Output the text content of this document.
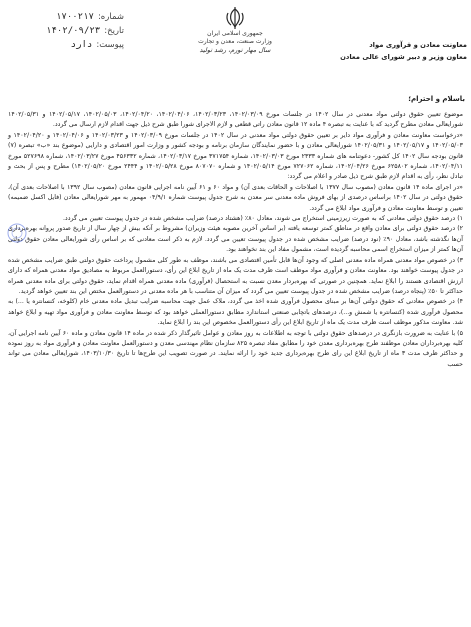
شماره:
۱۷۰۰۲۱۷
تاریخ:
۱۴۰۲/۰۹/۲۳
پیوست:
دارد
جمهوری اسلامی ایران
وزارت صنعت، معدن و تجارت
سال مهار تورم، رشد تولید
معاونت معادن و فرآوری مواد
معاون وزیر و دبیر شورای عالی معادن
باسلام و احترام؛

موضوع تعیین حقوق دولتی مواد معدنی در سال ۱۴۰۲ در جلسات مورخ ۱۴۰۲/۰۳/۰۹، ۱۴۰۲/۰۳/۲۳، ۱۴۰۲/۰۴/۰۶، ۱۴۰۲/۰۴/۲۰، ۱۴۰۲/۰۵/۰۳، ۱۴۰۲/۰۵/۱۷ و ۱۴۰۲/۰۵/۳۱ شورایعالی معادن مطرح گردید که با عنایت به تبصره ۴ ماده ۱۲ قانون معادن راتی قطعی و لازم الاجرای شورا طبق شرح ذیل جهت اقدام لازم ارسال می گردد.

«درخواست معاونت معادن و فرآوری مواد دایر بر تعیین حقوق دولتی مواد معدنی در سال ۱۴۰۲ در جلسات مورخ ۱۴۰۲/۰۳/۰۹ و ۱۴۰۲/۰۳/۲۳ و ۱۴۰۲/۰۴/۰۶ و ۱۴۰۲/۰۴/۲۰ و ۱۴۰۲/۰۵/۰۳ و ۱۴۰۲/۰۵/۱۷ و ۱۴۰۲/۰۵/۳۱ شورایعالی معادن و با حضور نمایندگان سازمان برنامه و بودجه کشور و وزارت امور اقتصادی و دارایی (موضوع بند «ب» تبصره (۷) قانون بودجه سال ۱۴۰۲ کل کشور- دعوتنامه های شماره ۲۳۳۳ مورخ ۱۴۰۲/۰۳/۰۳، شماره ۳۷۱۷۵۴ مورخ ۱۴۰۲/۰۳/۱۷، شماره ۴۵۶۳۳۲ مورخ ۱۴۰۲/۰۳/۲۷، شماره ۵۲۷۶۹۸ مورخ ۱۴۰۲/۰۴/۱۱، شماره ۶۲۵۸۰۲ مورخ ۱۴۰۲/۰۴/۲۶، شماره ۷۲۷۰۶۲ مورخ ۱۴۰۲/۰۵/۱۴ و شماره ۸۰۷۰۷۰ مورخ ۱۴۰۲/۰۵/۲۸ و ۲۴۴۴ مورخ ۱۴۰۲/۰۵/۲۰) مطرح و پس از بحث و تبادل نظر، رأی به اقدام لازم طبق شرح ذیل صادر و اعلام می گردد:

«در اجرای ماده ۱۴ قانون معادن (مصوب سال ۱۳۷۷ با اصلاحات و الحاقات بعدی آن) و مواد ۶۰ و ۶۱ آیین نامه اجرایی قانون معادن (مصوب سال ۱۳۹۲ با اصلاحات بعدی آن)، حقوق دولتی در سال ۱۴۰۲ براساس درصدی از بهای فروش ماده معدنی سر معدن به شرح جدول پیوست شماره ۰۴/۹/۱ مهمور به مهر شورایعالی معادن (فایل اکسل ضمیمه) تعیین و توسط معاونت معادن و فرآوری مواد ابلاغ می گردد.

۱) درصد حقوق دولتی معادنی که به صورت زیرزمینی استخراج می شوند، معادل ۸۰٪ (هشتاد درصد) ضرایب مشخص شده در جدول پیوست تعیین می گردد.

۲) درصد حقوق دولتی برای معادن واقع در مناطق کمتر توسعه یافته (بر اساس آخرین مصوبه هیئت وزیران) مشروط بر آنکه بیش از چهار سال از تاریخ صدور پروانه بهره‌برداری آن‌ها نگذشته باشد، معادل ۹۰٪ (نود درصد) ضرایب مشخص شده در جدول پیوست تعیین می گردد. لازم به ذکر است معادنی که بر اساس رأی شورایعالی معادن حقوق دولتی آن‌ها کمتر از میزان استخراج اسمی محاسبه گردیده است، مشمول مفاد این بند نخواهند بود.

۳) در خصوص مواد معدنی همراه ماده معدنی اصلی که وجود آن‌ها قابل تأمین اقتصادی می باشند، موظف به طور کلی مشمول پرداخت حقوق دولتی طبق ضرایب مشخص شده در جدول پیوست خواهند بود. معاونت معادن و فرآوری مواد موظف است ظرف مدت یک ماه از تاریخ ابلاغ این رأی، دستورالعمل مربوط به مصادیق مواد معدنی همراه که دارای ارزش اقتصادی هستند را ابلاغ نماید. همچنین در صورتی که بهره‌بردار معدن نسبت به استحصال (فرآوری) ماده معدنی همراه اقدام نماید، حقوق دولتی برای ماده معدنی همراه حداکثر تا ۵۰٪ (پنجاه درصد) ضرایب مشخص شده در جدول پیوست تعیین می گردد که میزان آن متناسب با هر ماده معدنی در دستورالعمل مختص این بند تعیین خواهد گردید.

۴) در خصوص معادنی که حقوق دولتی آن‌ها بر مبنای محصول فرآوری شده اخذ می گردد، ملاک عمل جهت محاسبه ضرایب تبدیل ماده معدنی خام (کلوخه، کنسانتره یا ...) به محصول فرآوری شده (کنسانتره یا شمش و...)، درصدهای باتچابی صنعتی استاندارد مطابق دستورالعملی خواهد بود که توسط معاونت معادن و فرآوری مواد تهیه و ابلاغ خواهد شد. معاونت مذکور موظف است ظرف مدت یک ماه از تاریخ ابلاغ این رأی دستورالعمل مخصوص این بند را ابلاغ نماید.

۵) با عنایت به ضرورت بازنگری در درصدهای حقوق دولتی با توجه به اطلاعات به روز معادن و عوامل تاثیرگذار ذکر شده در ماده ۱۴ قانون معادن و ماده ۶۰ آیین نامه اجرایی آن، کلیه بهره‌برداران معادن موظفند طرح بهره‌برداری معدن خود را مطابق مفاد تبصره ۸۲۵ سازمان نظام مهندسی معدن و دستورالعمل معاونت معادن و فرآوری مواد به روز نموده و حداکثر ظرف مدت ۳ ماه از تاریخ ابلاغ این رای طرح بهره‌برداری جدید خود را ارائه نمایند. در صورت تصویب این طرح‌ها تا تاریخ ۱۴۰۳/۱۰/۳۰، شورایعالی معادن می تواند حسب
